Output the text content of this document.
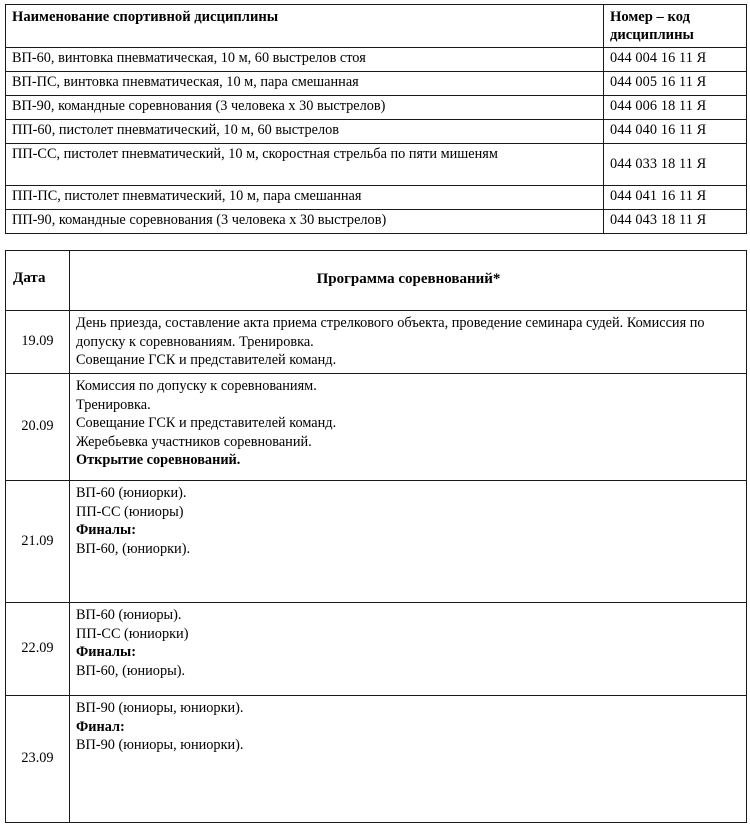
Наименование спортивной дисциплины	Номер – код
дисциплины
ВП-60, винтовка пневматическая, 10 м, 60 выстрелов стоя	044 004 16 11 Я
ВП-ПС, винтовка пневматическая, 10 м, пара смешанная	044 005 16 11 Я
ВП-90, командные соревнования (3 человека х 30 выстрелов)	044 006 18 11 Я
ПП-60, пистолет пневматический, 10 м, 60 выстрелов	044 040 16 11 Я
ПП-СС, пистолет пневматический, 10 м, скоростная стрельба по пяти мишеням	044 033 18 11 Я
ПП-ПС, пистолет пневматический, 10 м, пара смешанная	044 041 16 11 Я
ПП-90, командные соревнования (3 человека х 30 выстрелов)	044 043 18 11 Я
Дата	Программа соревнований*
19.09	День приезда, составление акта приема стрелкового объекта, проведение семинара судей. Комиссия по допуску к соревнованиям. Тренировка.
Совещание ГСК и представителей команд.

20.09	Комиссия по допуску к соревнованиям.
Тренировка.
Совещание ГСК и представителей команд.
Жеребьевка участников соревнований.
Открытие соревнований.

21.09	ВП-60 (юниорки).
ПП-СС (юниоры)
Финалы:
ВП-60, (юниорки).

22.09	ВП-60 (юниоры).
ПП-СС (юниорки)
Финалы:
ВП-60, (юниоры).

23.09	ВП-90 (юниоры, юниорки).
Финал:
ВП-90 (юниоры, юниорки).
